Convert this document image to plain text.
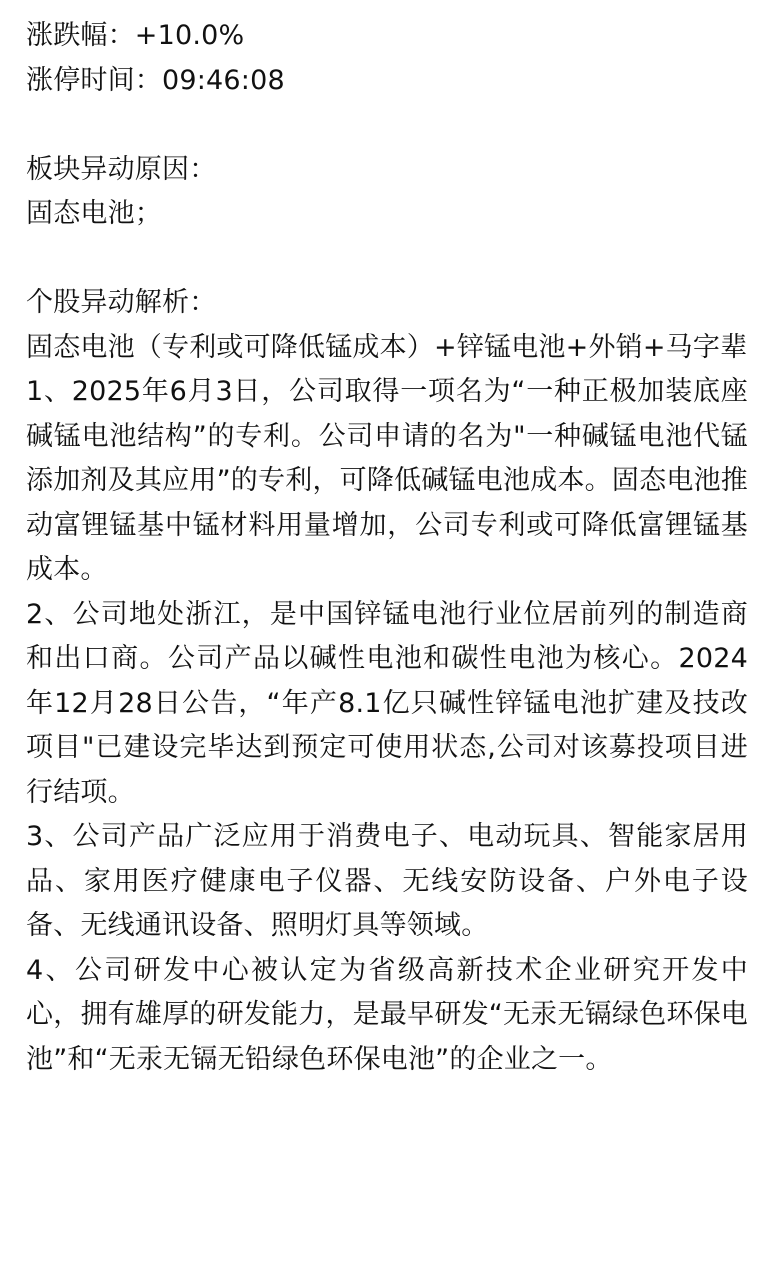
涨跌幅：+10.0%
涨停时间：09:46:08
板块异动原因：
固态电池；
个股异动解析：
固态电池（专利或可降低锰成本）+锌锰电池+外销+马字辈
1、2025年6月3日，公司取得一项名为“一种正极加装底座碱锰电池结构”的专利。公司申请的名为"一种碱锰电池代锰添加剂及其应用”的专利，可降低碱锰电池成本。固态电池推动富锂锰基中锰材料用量增加，公司专利或可降低富锂锰基成本。
2、公司地处浙江，是中国锌锰电池行业位居前列的制造商和出口商。公司产品以碱性电池和碳性电池为核心。2024年12月28日公告，“年产8.1亿只碱性锌锰电池扩建及技改项目"已建设完毕达到预定可使用状态,公司对该募投项目进行结项。
3、公司产品广泛应用于消费电子、电动玩具、智能家居用品、家用医疗健康电子仪器、无线安防设备、户外电子设备、无线通讯设备、照明灯具等领域。
4、公司研发中心被认定为省级高新技术企业研究开发中心，拥有雄厚的研发能力，是最早研发“无汞无镉绿色环保电池”和“无汞无镉无铅绿色环保电池”的企业之一。
